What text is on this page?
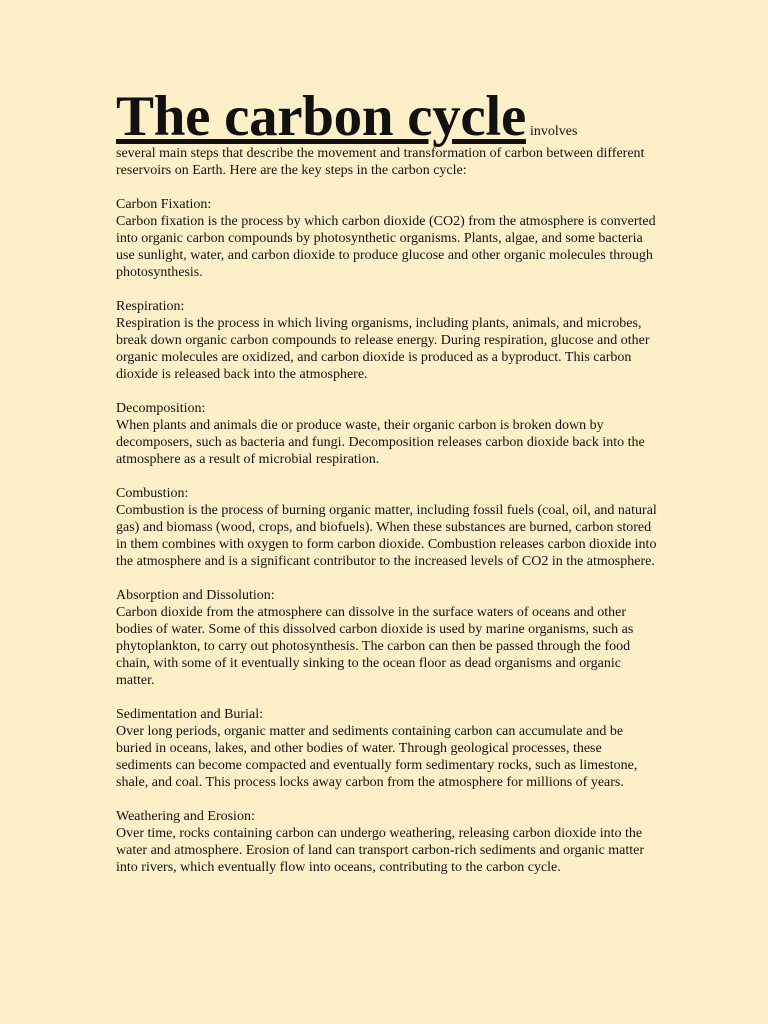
The carbon cycle involves

several main steps that describe the movement and transformation of carbon between different reservoirs on Earth. Here are the key steps in the carbon cycle:

Carbon Fixation:

Carbon fixation is the process by which carbon dioxide (CO2) from the atmosphere is converted into organic carbon compounds by photosynthetic organisms. Plants, algae, and some bacteria use sunlight, water, and carbon dioxide to produce glucose and other organic molecules through photosynthesis.

Respiration:

Respiration is the process in which living organisms, including plants, animals, and microbes, break down organic carbon compounds to release energy. During respiration, glucose and other organic molecules are oxidized, and carbon dioxide is produced as a byproduct. This carbon dioxide is released back into the atmosphere.

Decomposition:

When plants and animals die or produce waste, their organic carbon is broken down by decomposers, such as bacteria and fungi. Decomposition releases carbon dioxide back into the atmosphere as a result of microbial respiration.

Combustion:

Combustion is the process of burning organic matter, including fossil fuels (coal, oil, and natural gas) and biomass (wood, crops, and biofuels). When these substances are burned, carbon stored in them combines with oxygen to form carbon dioxide. Combustion releases carbon dioxide into the atmosphere and is a significant contributor to the increased levels of CO2 in the atmosphere.

Absorption and Dissolution:

Carbon dioxide from the atmosphere can dissolve in the surface waters of oceans and other bodies of water. Some of this dissolved carbon dioxide is used by marine organisms, such as phytoplankton, to carry out photosynthesis. The carbon can then be passed through the food chain, with some of it eventually sinking to the ocean floor as dead organisms and organic matter.

Sedimentation and Burial:

Over long periods, organic matter and sediments containing carbon can accumulate and be buried in oceans, lakes, and other bodies of water. Through geological processes, these sediments can become compacted and eventually form sedimentary rocks, such as limestone, shale, and coal. This process locks away carbon from the atmosphere for millions of years.

Weathering and Erosion:

Over time, rocks containing carbon can undergo weathering, releasing carbon dioxide into the water and atmosphere. Erosion of land can transport carbon-rich sediments and organic matter into rivers, which eventually flow into oceans, contributing to the carbon cycle.
